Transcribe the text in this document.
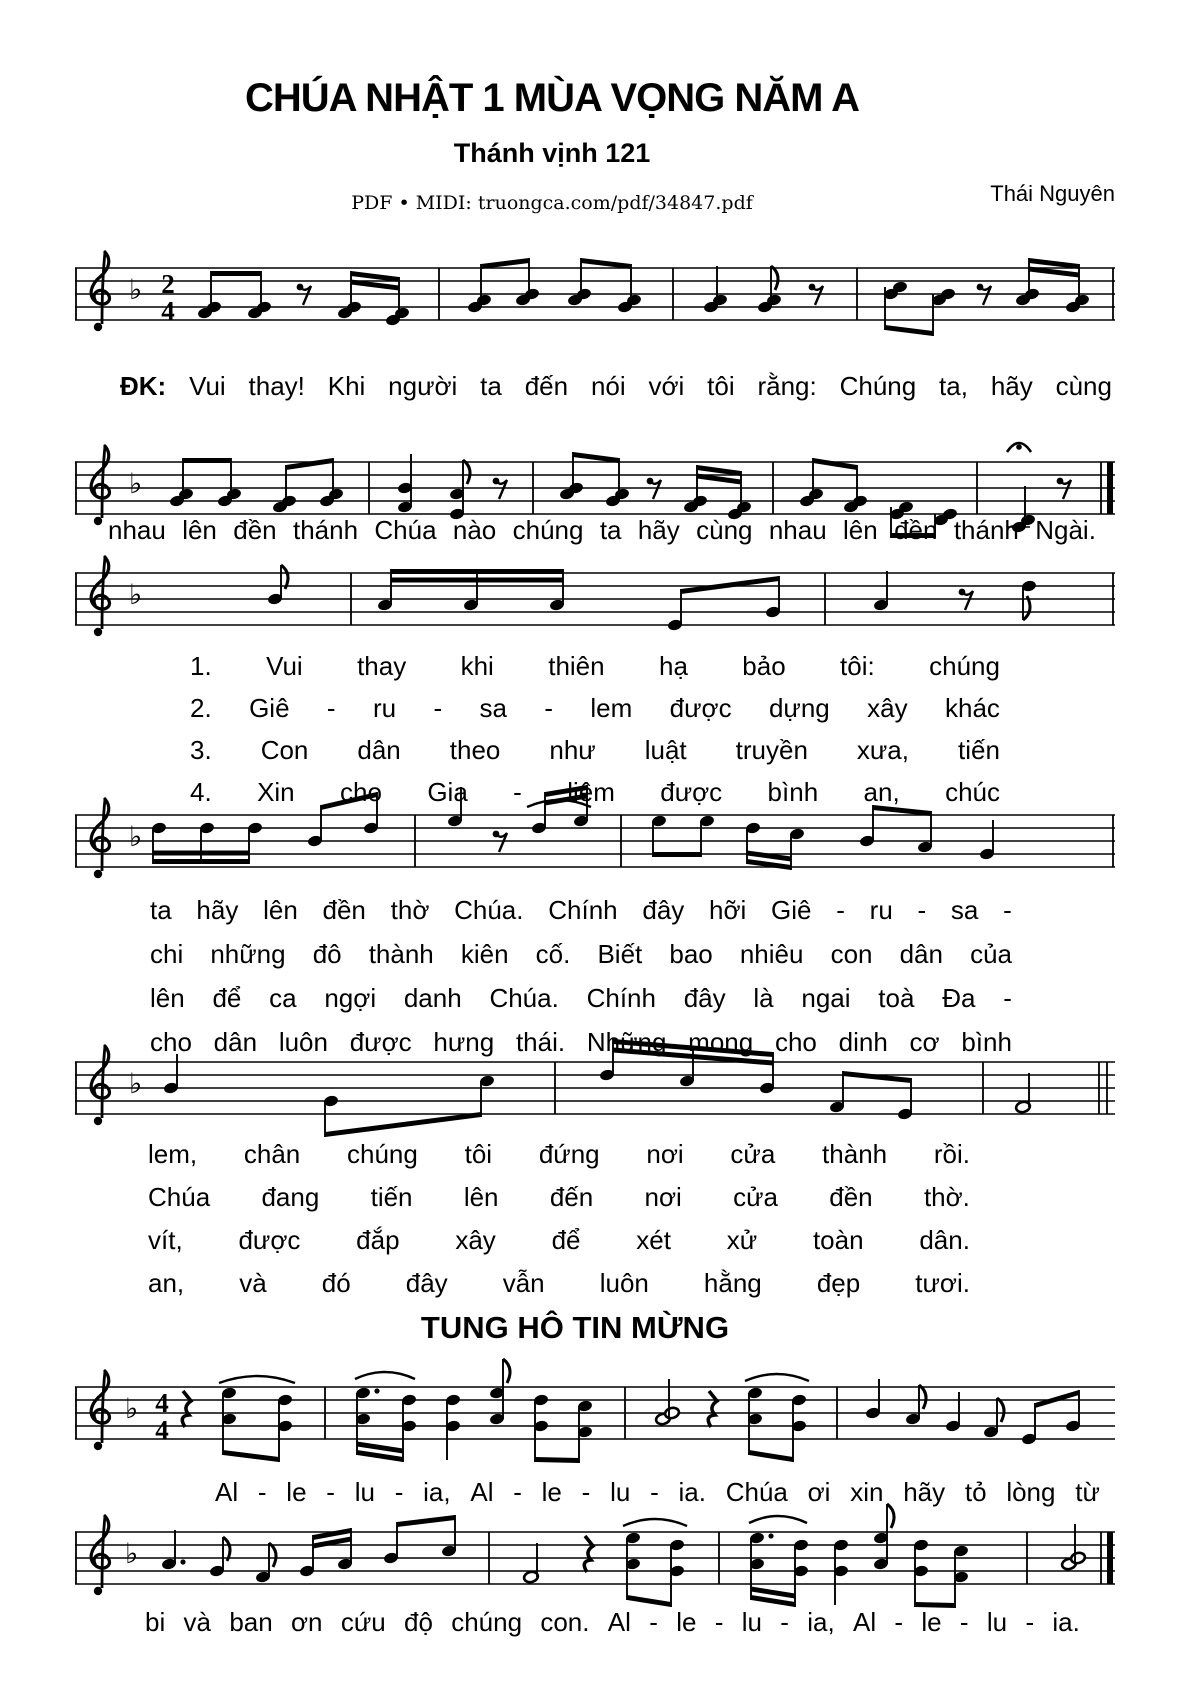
CHÚA NHẬT 1 MÙA VỌNG NĂM A
Thánh vịnh 121
PDF • MIDI: truongca.com/pdf/34847.pdf	Thái Nguyên
TUNG HÔ TIN MỪNG
♭ 2
4
♭
♭
♭
♭
♭ 4
4
♭
ĐK: Vui thay! Khi người ta đến nói với tôi rằng: Chúng ta, hãy cùng
nhau lên đền thánh Chúa nào chúng ta hãy cùng nhau lên đền thánh Ngài.
1. Vui thay khi thiên hạ bảo tôi: chúng
2. Giê - ru - sa - lem được dựng xây khác
3. Con dân theo như luật truyền xưa, tiến
4. Xin cho Gia - liêm được bình an, chúc
ta hãy lên đền thờ Chúa. Chính đây hỡi Giê - ru - sa -
chi những đô thành kiên cố. Biết bao nhiêu con dân của
lên để ca ngợi danh Chúa. Chính đây là ngai toà Đa -
cho dân luôn được hưng thái. Những mong cho dinh cơ bình
lem, chân chúng tôi đứng nơi cửa thành rồi.
Chúa đang tiến lên đến nơi cửa đền thờ.
vít, được đắp xây để xét xử toàn dân.
an, và đó đây vẫn luôn hằng đẹp tươi.
Al - le - lu - ia, Al - le - lu - ia. Chúa ơi xin hãy tỏ lòng từ
bi và ban ơn cứu độ chúng con. Al - le - lu - ia, Al - le - lu - ia.
